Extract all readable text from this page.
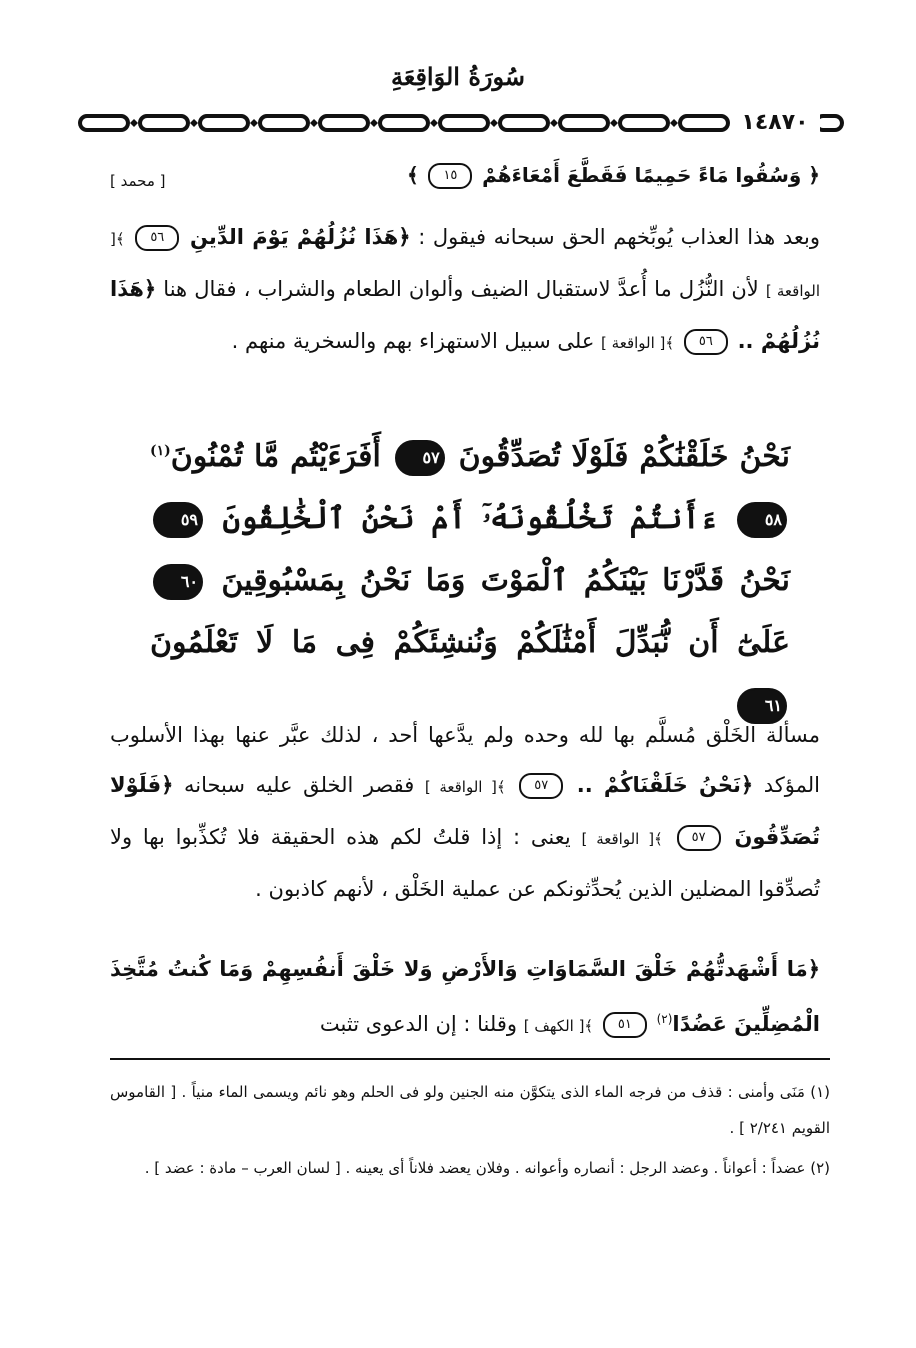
سُورَةُ الوَاقِعَةِ
١٤٨٧٠
[ محمد ]	﴿ وَسُقُوا مَاءً حَمِيمًا فَقَطَّعَ أَمْعَاءَهُمْ ١٥ ﴾
وبعد هذا العذاب يُوبِّخهم الحق سبحانه فيقول : ﴿هَذَا نُزُلُهُمْ يَوْمَ الدِّينِ ٥٦ ﴾[ الواقعة ] لأن النُّزُل ما أُعدَّ لاستقبال الضيف وألوان الطعام والشراب ، فقال هنا ﴿هَذَا نُزُلُهُمْ .. ٥٦ ﴾[ الواقعة ] على سبيل الاستهزاء بهم والسخرية منهم .
نَحْنُ خَلَقْنَٰكُمْ فَلَوْلَا تُصَدِّقُونَ ٥٧ أَفَرَءَيْتُم مَّا تُمْنُونَ$^{(١)}$ ٥٨ ءَأَنتُمْ تَخْلُقُونَهُۥٓ أَمْ نَحْنُ ٱلْخَٰلِقُونَ ٥٩ نَحْنُ قَدَّرْنَا بَيْنَكُمُ ٱلْمَوْتَ وَمَا نَحْنُ بِمَسْبُوقِينَ ٦٠ عَلَىٰٓ أَن نُّبَدِّلَ أَمْثَٰلَكُمْ وَنُنشِئَكُمْ فِى مَا لَا تَعْلَمُونَ ٦١
مسألة الخَلْق مُسلَّم بها لله وحده ولم يدَّعها أحد ، لذلك عبَّر عنها بهذا الأسلوب المؤكد ﴿نَحْنُ خَلَقْنَاكُمْ .. ٥٧ ﴾[ الواقعة ] فقصر الخلق عليه سبحانه ﴿فَلَوْلا تُصَدِّقُونَ ٥٧ ﴾[ الواقعة ] يعنى : إذا قلتُ لكم هذه الحقيقة فلا تُكذِّبوا بها ولا تُصدِّقوا المضلين الذين يُحدِّثونكم عن عملية الخَلْق ، لأنهم كاذبون .
﴿مَا أَشْهَدتُّهُمْ خَلْقَ السَّمَاوَاتِ وَالأَرْضِ وَلا خَلْقَ أَنفُسِهِمْ وَمَا كُنتُ مُتَّخِذَ الْمُضِلِّينَ عَضُدًا$^{(٢)}$ ٥١ ﴾[ الكهف ] وقلنا : إن الدعوى تثبت
(١) مَنَى وأمنى : قذف من فرجه الماء الذى يتكوَّن منه الجنين ولو فى الحلم وهو نائم ويسمى الماء منياً . [ القاموس القويم ٢/٢٤١ ] .
(٢) عضداً : أعواناً . وعضد الرجل : أنصاره وأعوانه . وفلان يعضد فلاناً أى يعينه . [ لسان العرب – مادة : عضد ] .
